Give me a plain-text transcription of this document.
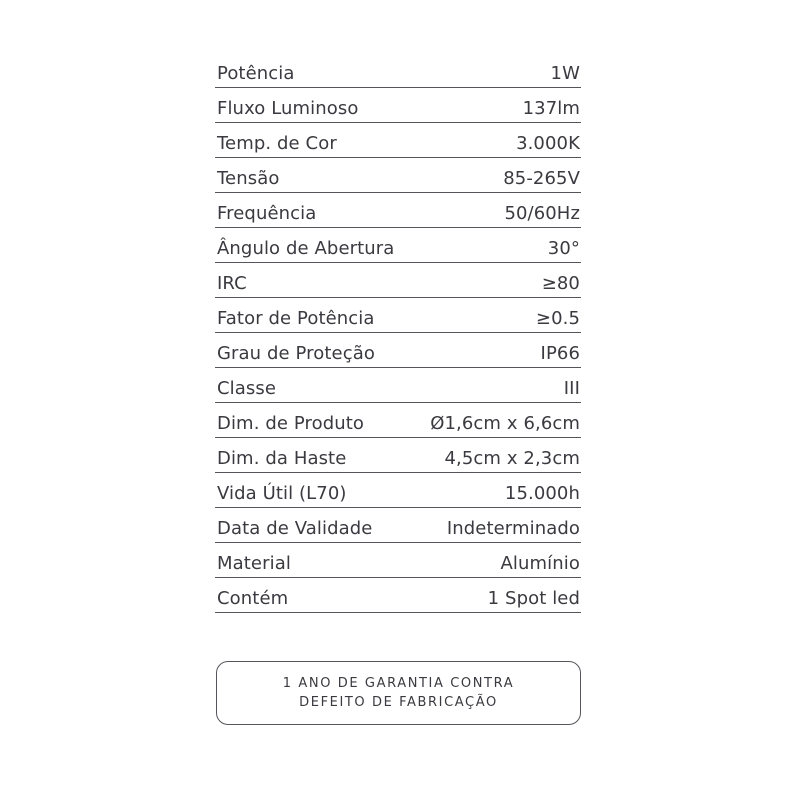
Potência	1W
Fluxo Luminoso	137lm
Temp. de Cor	3.000K
Tensão	85-265V
Frequência	50/60Hz
Ângulo de Abertura	30°
IRC	≥80
Fator de Potência	≥0.5
Grau de Proteção	IP66
Classe	III
Dim. de Produto	Ø1,6cm x 6,6cm
Dim. da Haste	4,5cm x 2,3cm
Vida Útil (L70)	15.000h
Data de Validade	Indeterminado
Material	Alumínio
Contém	1 Spot led
1 ANO DE GARANTIA CONTRA
DEFEITO DE FABRICAÇÃO
